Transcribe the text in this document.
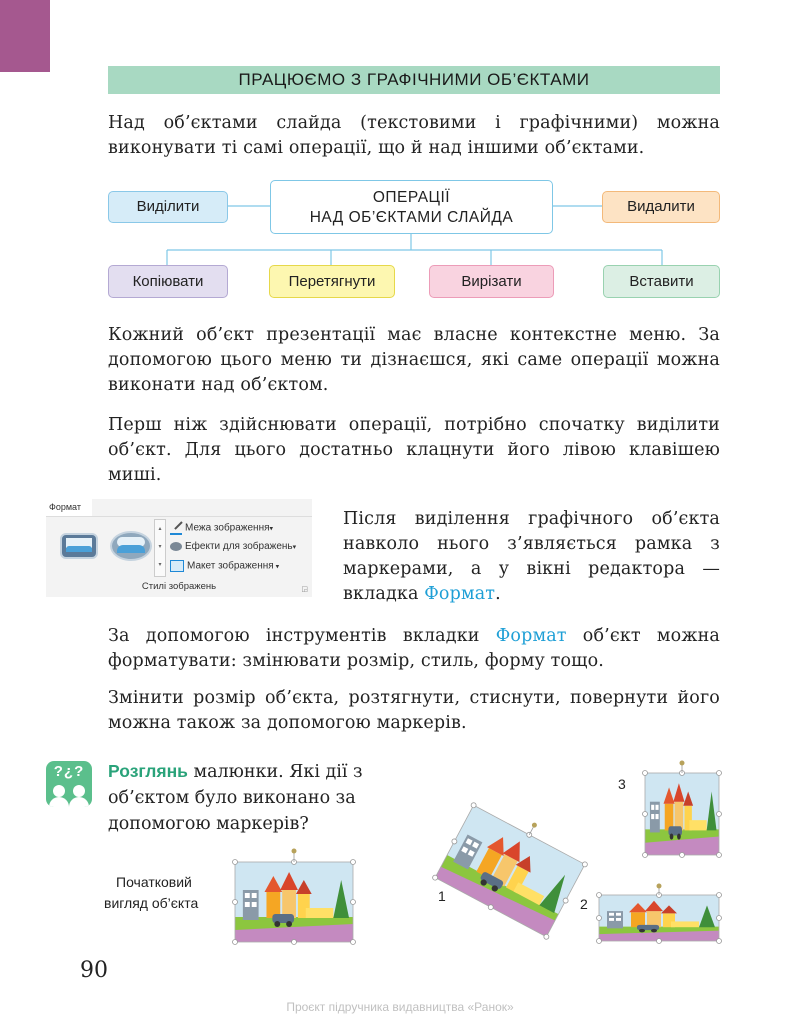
ПРАЦЮЄМО З ГРАФІЧНИМИ ОБ’ЄКТАМИ
Над об’єктами слайда (текстовими і графічними) можна виконувати ті самі операції, що й над іншими об’єктами.
ОПЕРАЦІЇ
НАД ОБ’ЄКТАМИ СЛАЙДА
Виділити	Видалити
Копіювати	Перетягнути	Вирізати	Вставити
Кожний об’єкт презентації має власне контекстне меню. За допомогою цього меню ти дізнаєшся, які саме операції можна виконати над об’єктом.
Перш ніж здійснювати операції, потрібно спочатку виділити об’єкт. Для цього достатньо клацнути його лівою клавішею миші.
Формат
▴
▾
▾
Межа зображення▾
Ефекти для зображень▾
Макет зображення ▾
Стилі зображень	◲
Після виділення графічного об’єкта навколо нього з’являється рамка з маркерами, а у вікні редактора — вкладка Формат.
За допомогою інструментів вкладки Формат об’єкт можна форматувати: змінювати розмір, стиль, форму тощо.
Змінити розмір об’єкта, розтягнути, стиснути, повернути його можна також за допомогою маркерів.
?¿?	Розглянь малюнки. Які дії з об’єктом було виконано за допомогою маркерів?
Початковий
вигляд об’єкта	1
3
2
90
Проєкт підручника видавництва «Ранок»
